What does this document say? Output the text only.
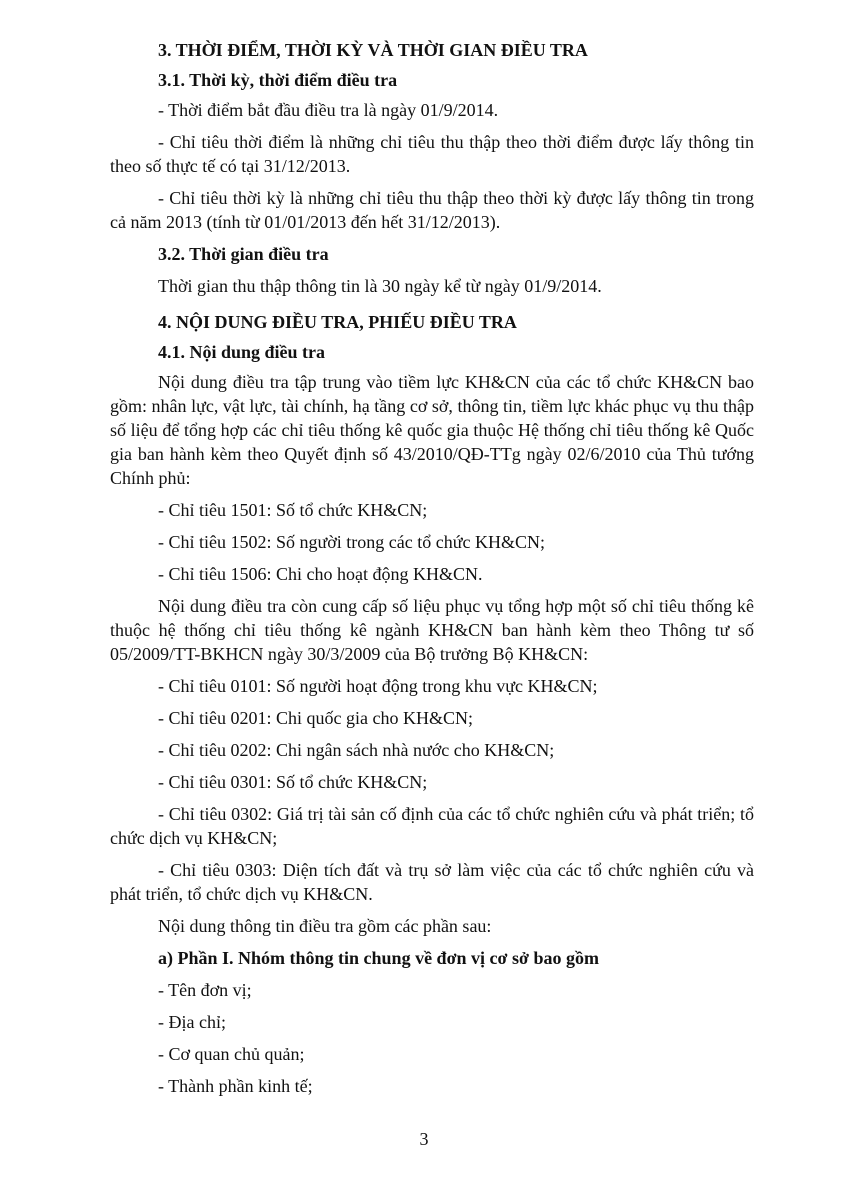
3. THỜI ĐIỂM, THỜI KỲ VÀ THỜI GIAN ĐIỀU TRA

3.1. Thời kỳ, thời điểm điều tra

- Thời điểm bắt đầu điều tra là ngày 01/9/2014.

- Chỉ tiêu thời điểm là những chỉ tiêu thu thập theo thời điểm được lấy thông tin theo số thực tế có tại 31/12/2013.

- Chỉ tiêu thời kỳ là những chỉ tiêu thu thập theo thời kỳ được lấy thông tin trong cả năm 2013 (tính từ 01/01/2013 đến hết 31/12/2013).

3.2. Thời gian điều tra

Thời gian thu thập thông tin là 30 ngày kể từ ngày 01/9/2014.

4. NỘI DUNG ĐIỀU TRA, PHIẾU ĐIỀU TRA

4.1. Nội dung điều tra

Nội dung điều tra tập trung vào tiềm lực KH&CN của các tổ chức KH&CN bao gồm: nhân lực, vật lực, tài chính, hạ tầng cơ sở, thông tin, tiềm lực khác phục vụ thu thập số liệu để tổng hợp các chỉ tiêu thống kê quốc gia thuộc Hệ thống chỉ tiêu thống kê Quốc gia ban hành kèm theo Quyết định số 43/2010/QĐ-TTg ngày 02/6/2010 của Thủ tướng Chính phủ:

- Chỉ tiêu 1501: Số tổ chức KH&CN;

- Chỉ tiêu 1502: Số người trong các tổ chức KH&CN;

- Chỉ tiêu 1506: Chi cho hoạt động KH&CN.

Nội dung điều tra còn cung cấp số liệu phục vụ tổng hợp một số chỉ tiêu thống kê thuộc hệ thống chỉ tiêu thống kê ngành KH&CN ban hành kèm theo Thông tư số 05/2009/TT-BKHCN ngày 30/3/2009 của Bộ trưởng Bộ KH&CN:

- Chỉ tiêu 0101: Số người hoạt động trong khu vực KH&CN;

- Chỉ tiêu 0201: Chi quốc gia cho KH&CN;

- Chỉ tiêu 0202: Chi ngân sách nhà nước cho KH&CN;

- Chỉ tiêu 0301: Số tổ chức KH&CN;

- Chỉ tiêu 0302: Giá trị tài sản cố định của các tổ chức nghiên cứu và phát triển; tổ chức dịch vụ KH&CN;

- Chỉ tiêu 0303: Diện tích đất và trụ sở làm việc của các tổ chức nghiên cứu và phát triển, tổ chức dịch vụ KH&CN.

Nội dung thông tin điều tra gồm các phần sau:

a) Phần I. Nhóm thông tin chung về đơn vị cơ sở bao gồm

- Tên đơn vị;

- Địa chỉ;

- Cơ quan chủ quản;

- Thành phần kinh tế;

3
